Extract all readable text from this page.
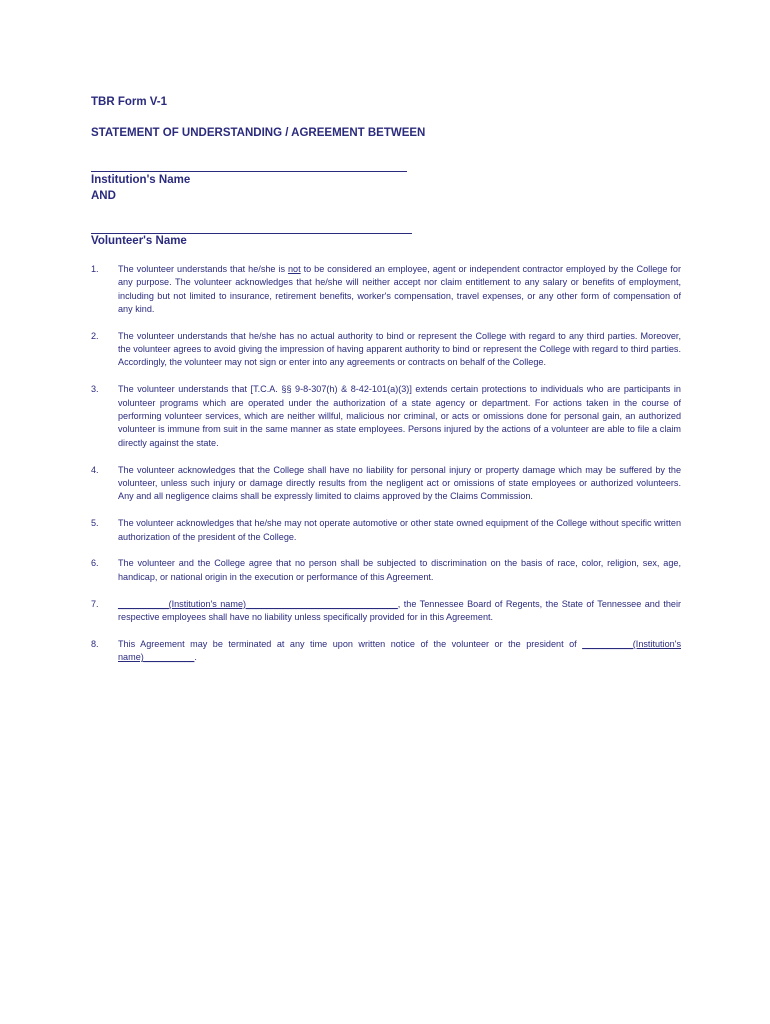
TBR Form V-1
STATEMENT OF UNDERSTANDING / AGREEMENT BETWEEN
Institution's Name
AND
Volunteer's Name
1. The volunteer understands that he/she is not to be considered an employee, agent or independent contractor employed by the College for any purpose. The volunteer acknowledges that he/she will neither accept nor claim entitlement to any salary or benefits of employment, including but not limited to insurance, retirement benefits, worker's compensation, travel expenses, or any other form of compensation of any kind.
2. The volunteer understands that he/she has no actual authority to bind or represent the College with regard to any third parties. Moreover, the volunteer agrees to avoid giving the impression of having apparent authority to bind or represent the College with regard to third parties. Accordingly, the volunteer may not sign or enter into any agreements or contracts on behalf of the College.
3. The volunteer understands that [T.C.A. §§ 9-8-307(h) & 8-42-101(a)(3)] extends certain protections to individuals who are participants in volunteer programs which are operated under the authorization of a state agency or department. For actions taken in the course of performing volunteer services, which are neither willful, malicious nor criminal, or acts or omissions done for personal gain, an authorized volunteer is immune from suit in the same manner as state employees. Persons injured by the actions of a volunteer are able to file a claim directly against the state.
4. The volunteer acknowledges that the College shall have no liability for personal injury or property damage which may be suffered by the volunteer, unless such injury or damage directly results from the negligent act or omissions of state employees or authorized volunteers. Any and all negligence claims shall be expressly limited to claims approved by the Claims Commission.
5. The volunteer acknowledges that he/she may not operate automotive or other state owned equipment of the College without specific written authorization of the president of the College.
6. The volunteer and the College agree that no person shall be subjected to discrimination on the basis of race, color, religion, sex, age, handicap, or national origin in the execution or performance of this Agreement.
7. __________(Institution's name)______________________________, the Tennessee Board of Regents, the State of Tennessee and their respective employees shall have no liability unless specifically provided for in this Agreement.
8. This Agreement may be terminated at any time upon written notice of the volunteer or the president of __________(Institution's name)__________.
